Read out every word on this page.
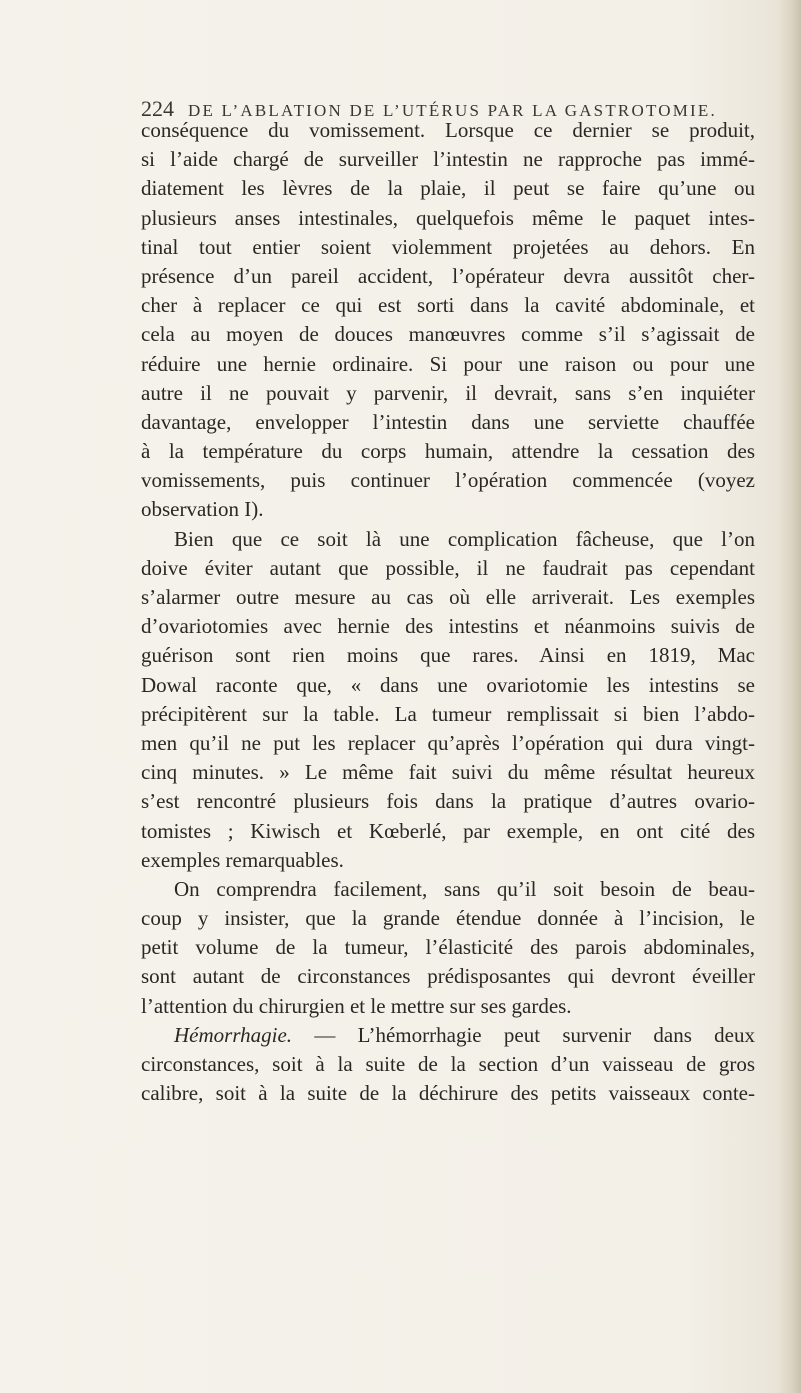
224 DE L’ABLATION DE L’UTÉRUS PAR LA GASTROTOMIE.
conséquence du vomissement. Lorsque ce dernier se produit,
si l’aide chargé de surveiller l’intestin ne rapproche pas immé-
diatement les lèvres de la plaie, il peut se faire qu’une ou
plusieurs anses intestinales, quelquefois même le paquet intes-
tinal tout entier soient violemment projetées au dehors. En
présence d’un pareil accident, l’opérateur devra aussitôt cher-
cher à replacer ce qui est sorti dans la cavité abdominale, et
cela au moyen de douces manœuvres comme s’il s’agissait de
réduire une hernie ordinaire. Si pour une raison ou pour une
autre il ne pouvait y parvenir, il devrait, sans s’en inquiéter
davantage, envelopper l’intestin dans une serviette chauffée
à la température du corps humain, attendre la cessation des
vomissements, puis continuer l’opération commencée (voyez
observation I).
Bien que ce soit là une complication fâcheuse, que l’on
doive éviter autant que possible, il ne faudrait pas cependant
s’alarmer outre mesure au cas où elle arriverait. Les exemples
d’ovariotomies avec hernie des intestins et néanmoins suivis de
guérison sont rien moins que rares. Ainsi en 1819, Mac
Dowal raconte que, « dans une ovariotomie les intestins se
précipitèrent sur la table. La tumeur remplissait si bien l’abdo-
men qu’il ne put les replacer qu’après l’opération qui dura vingt-
cinq minutes. » Le même fait suivi du même résultat heureux
s’est rencontré plusieurs fois dans la pratique d’autres ovario-
tomistes ; Kiwisch et Kœberlé, par exemple, en ont cité des
exemples remarquables.
On comprendra facilement, sans qu’il soit besoin de beau-
coup y insister, que la grande étendue donnée à l’incision, le
petit volume de la tumeur, l’élasticité des parois abdominales,
sont autant de circonstances prédisposantes qui devront éveiller
l’attention du chirurgien et le mettre sur ses gardes.
Hémorrhagie. — L’hémorrhagie peut survenir dans deux
circonstances, soit à la suite de la section d’un vaisseau de gros
calibre, soit à la suite de la déchirure des petits vaisseaux conte-
